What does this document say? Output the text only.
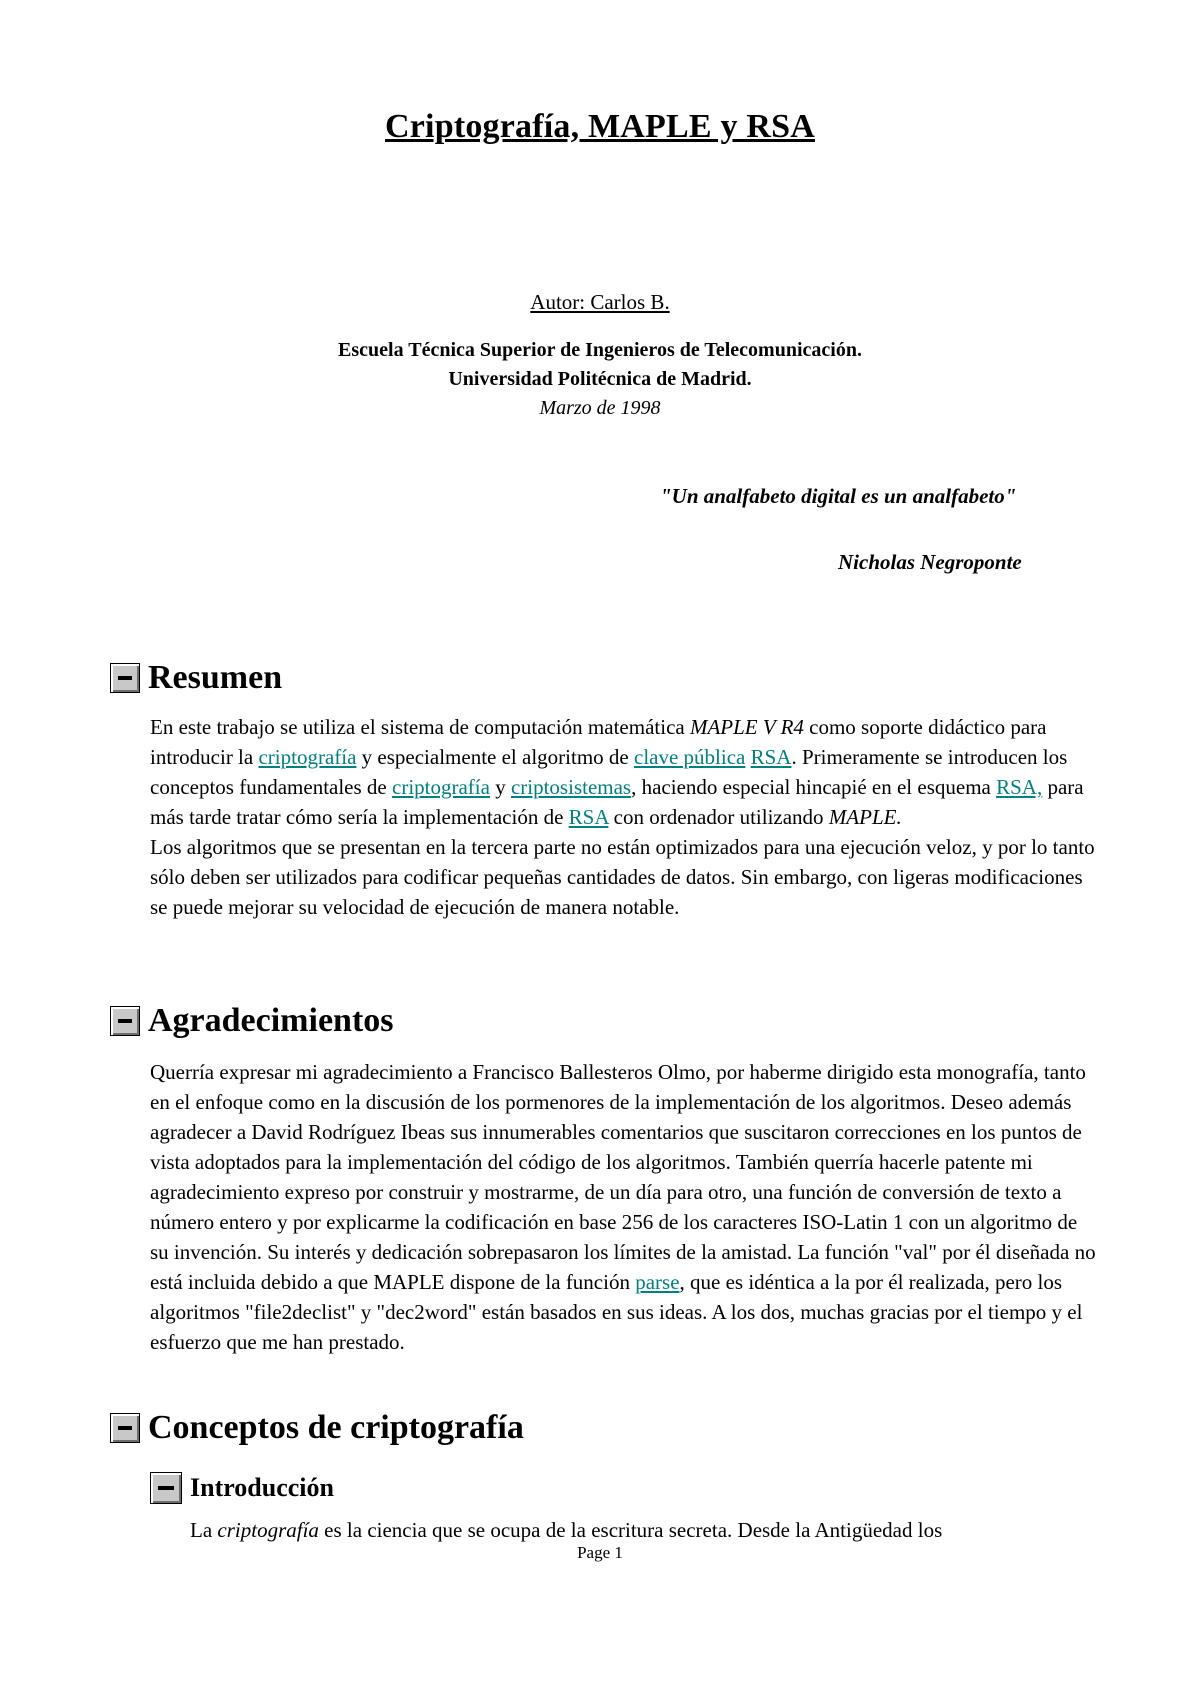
Criptografía, MAPLE y RSA
Autor: Carlos B.
Escuela Técnica Superior de Ingenieros de Telecomunicación.
Universidad Politécnica de Madrid.
Marzo de 1998
"Un analfabeto digital es un analfabeto"
Nicholas Negroponte
Resumen

En este trabajo se utiliza el sistema de computación matemática MAPLE V R4 como soporte didáctico para introducir la criptografía y especialmente el algoritmo de clave pública RSA. Primeramente se introducen los conceptos fundamentales de criptografía y criptosistemas, haciendo especial hincapié en el esquema RSA, para más tarde tratar cómo sería la implementación de RSA con ordenador utilizando MAPLE.
Los algoritmos que se presentan en la tercera parte no están optimizados para una ejecución veloz, y por lo tanto sólo deben ser utilizados para codificar pequeñas cantidades de datos. Sin embargo, con ligeras modificaciones se puede mejorar su velocidad de ejecución de manera notable.

Agradecimientos

Querría expresar mi agradecimiento a Francisco Ballesteros Olmo, por haberme dirigido esta monografía, tanto en el enfoque como en la discusión de los pormenores de la implementación de los algoritmos. Deseo además agradecer a David Rodríguez Ibeas sus innumerables comentarios que suscitaron correcciones en los puntos de vista adoptados para la implementación del código de los algoritmos. También querría hacerle patente mi agradecimiento expreso por construir y mostrarme, de un día para otro, una función de conversión de texto a número entero y por explicarme la codificación en base 256 de los caracteres ISO-Latin 1 con un algoritmo de su invención. Su interés y dedicación sobrepasaron los límites de la amistad. La función "val" por él diseñada no está incluida debido a que MAPLE dispone de la función parse, que es idéntica a la por él realizada, pero los algoritmos "file2declist" y "dec2word" están basados en sus ideas. A los dos, muchas gracias por el tiempo y el esfuerzo que me han prestado.

Conceptos de criptografía
Introducción

La criptografía es la ciencia que se ocupa de la escritura secreta. Desde la Antigüedad los

Page 1
